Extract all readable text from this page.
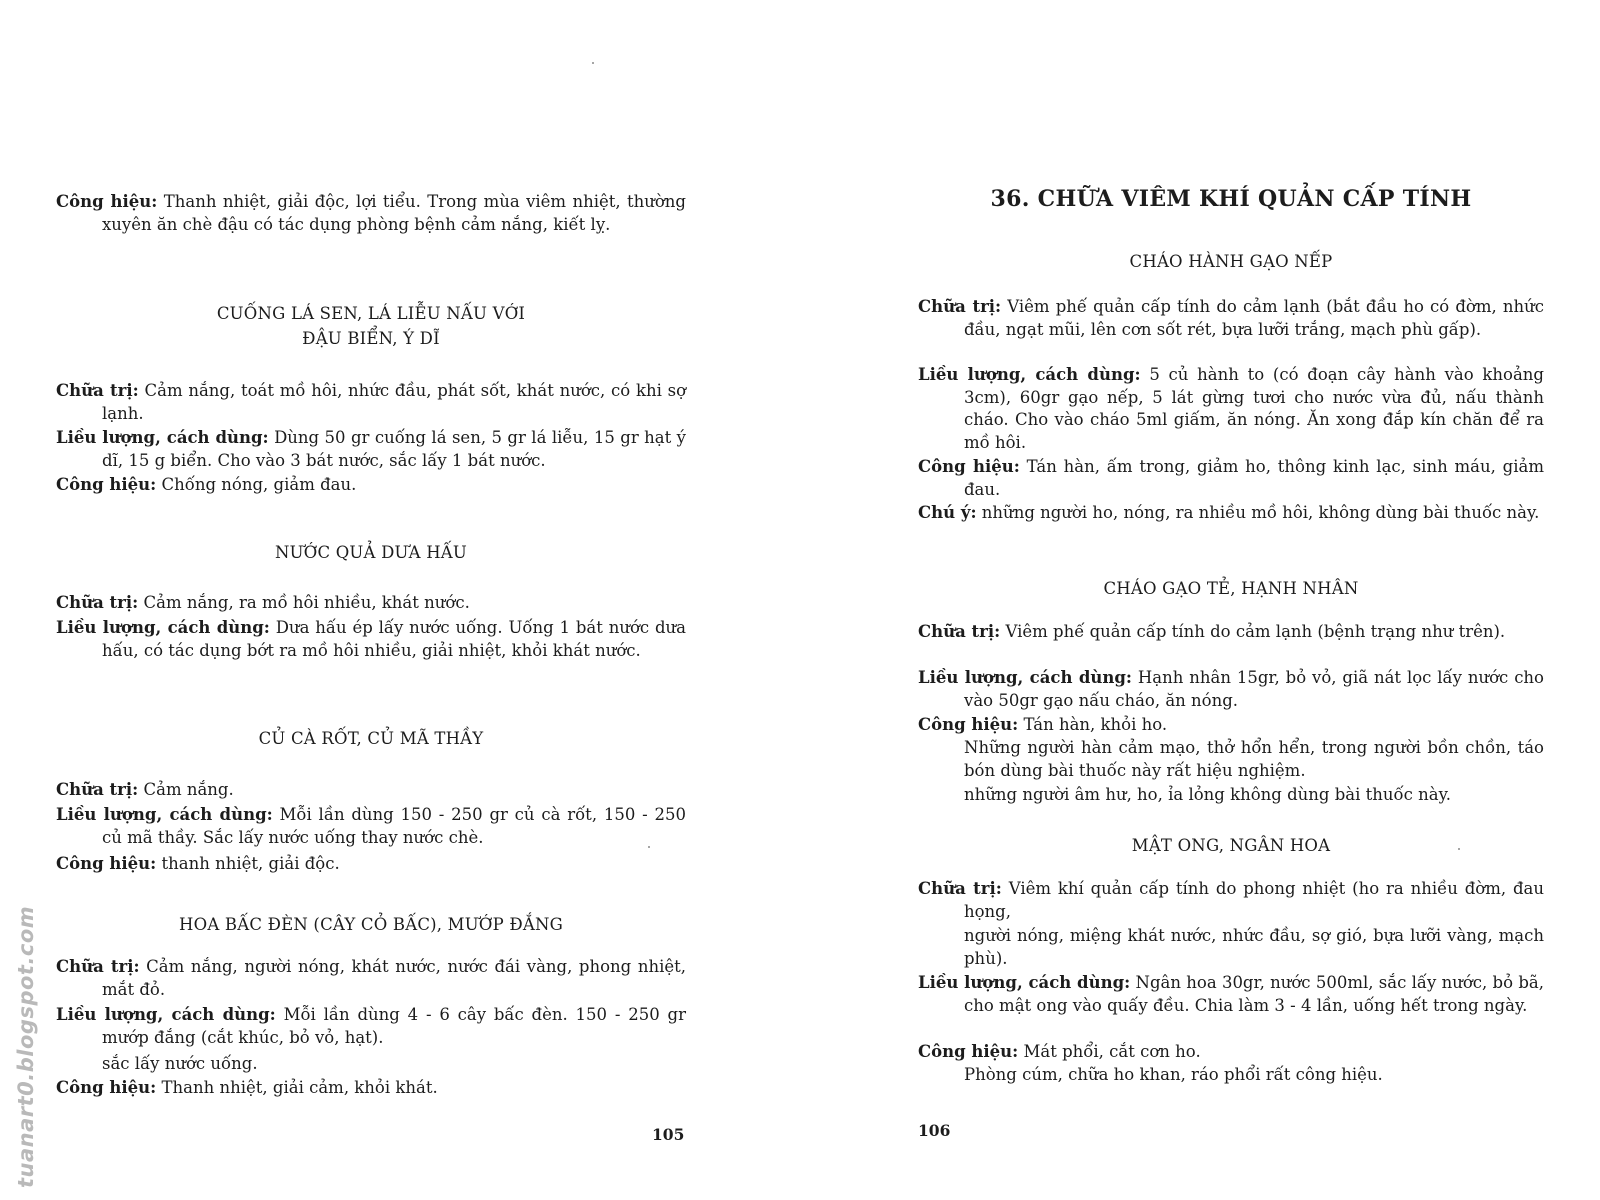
tuanart0.blogspot.com
Công hiệu: Thanh nhiệt, giải độc, lợi tiểu. Trong mùa viêm nhiệt, thường xuyên ăn chè đậu có tác dụng phòng bệnh cảm nắng, kiết lỵ.
CUỐNG LÁ SEN, LÁ LIỄU NẤU VỚI
ĐẬU BIỂN, Ý DĨ
Chữa trị: Cảm nắng, toát mồ hôi, nhức đầu, phát sốt, khát nước, có khi sợ lạnh.
Liều lượng, cách dùng: Dùng 50 gr cuống lá sen, 5 gr lá liễu, 15 gr hạt ý dĩ, 15 g biển. Cho vào 3 bát nước, sắc lấy 1 bát nước.
Công hiệu: Chống nóng, giảm đau.
NƯỚC QUẢ DƯA HẤU
Chữa trị: Cảm nắng, ra mồ hôi nhiều, khát nước.
Liều lượng, cách dùng: Dưa hấu ép lấy nước uống. Uống 1 bát nước dưa hấu, có tác dụng bớt ra mồ hôi nhiều, giải nhiệt, khỏi khát nước.
CỦ CÀ RỐT, CỦ MÃ THẦY
Chữa trị: Cảm nắng.
Liều lượng, cách dùng: Mỗi lần dùng 150 - 250 gr củ cà rốt, 150 - 250 củ mã thầy. Sắc lấy nước uống thay nước chè.
Công hiệu: thanh nhiệt, giải độc.
HOA BẤC ĐÈN (CÂY CỎ BẤC), MƯỚP ĐẮNG
Chữa trị: Cảm nắng, người nóng, khát nước, nước đái vàng, phong nhiệt, mắt đỏ.
Liều lượng, cách dùng: Mỗi lần dùng 4 - 6 cây bấc đèn. 150 - 250 gr mướp đắng (cắt khúc, bỏ vỏ, hạt).
sắc lấy nước uống.
Công hiệu: Thanh nhiệt, giải cảm, khỏi khát.
105
36. CHỮA VIÊM KHÍ QUẢN CẤP TÍNH
CHÁO HÀNH GẠO NẾP
Chữa trị: Viêm phế quản cấp tính do cảm lạnh (bắt đầu ho có đờm, nhức đầu, ngạt mũi, lên cơn sốt rét, bựa lưỡi trắng, mạch phù gấp).
Liều lượng, cách dùng: 5 củ hành to (có đoạn cây hành vào khoảng 3cm), 60gr gạo nếp, 5 lát gừng tươi cho nước vừa đủ, nấu thành cháo. Cho vào cháo 5ml giấm, ăn nóng. Ăn xong đắp kín chăn để ra mồ hôi.
Công hiệu: Tán hàn, ấm trong, giảm ho, thông kinh lạc, sinh máu, giảm đau.
Chú ý: những người ho, nóng, ra nhiều mồ hôi, không dùng bài thuốc này.
CHÁO GẠO TẺ, HẠNH NHÂN
Chữa trị: Viêm phế quản cấp tính do cảm lạnh (bệnh trạng như trên).
Liều lượng, cách dùng: Hạnh nhân 15gr, bỏ vỏ, giã nát lọc lấy nước cho vào 50gr gạo nấu cháo, ăn nóng.
Công hiệu: Tán hàn, khỏi ho.
Những người hàn cảm mạo, thở hổn hển, trong người bồn chồn, táo bón dùng bài thuốc này rất hiệu nghiệm.
những người âm hư, ho, ỉa lỏng không dùng bài thuốc này.
MẬT ONG, NGÂN HOA
Chữa trị: Viêm khí quản cấp tính do phong nhiệt (ho ra nhiều đờm, đau họng,
người nóng, miệng khát nước, nhức đầu, sợ gió, bựa lưỡi vàng, mạch phù).
Liều lượng, cách dùng: Ngân hoa 30gr, nước 500ml, sắc lấy nước, bỏ bã, cho mật ong vào quấy đều. Chia làm 3 - 4 lần, uống hết trong ngày.
Công hiệu: Mát phổi, cắt cơn ho.
Phòng cúm, chữa ho khan, ráo phổi rất công hiệu.
106
